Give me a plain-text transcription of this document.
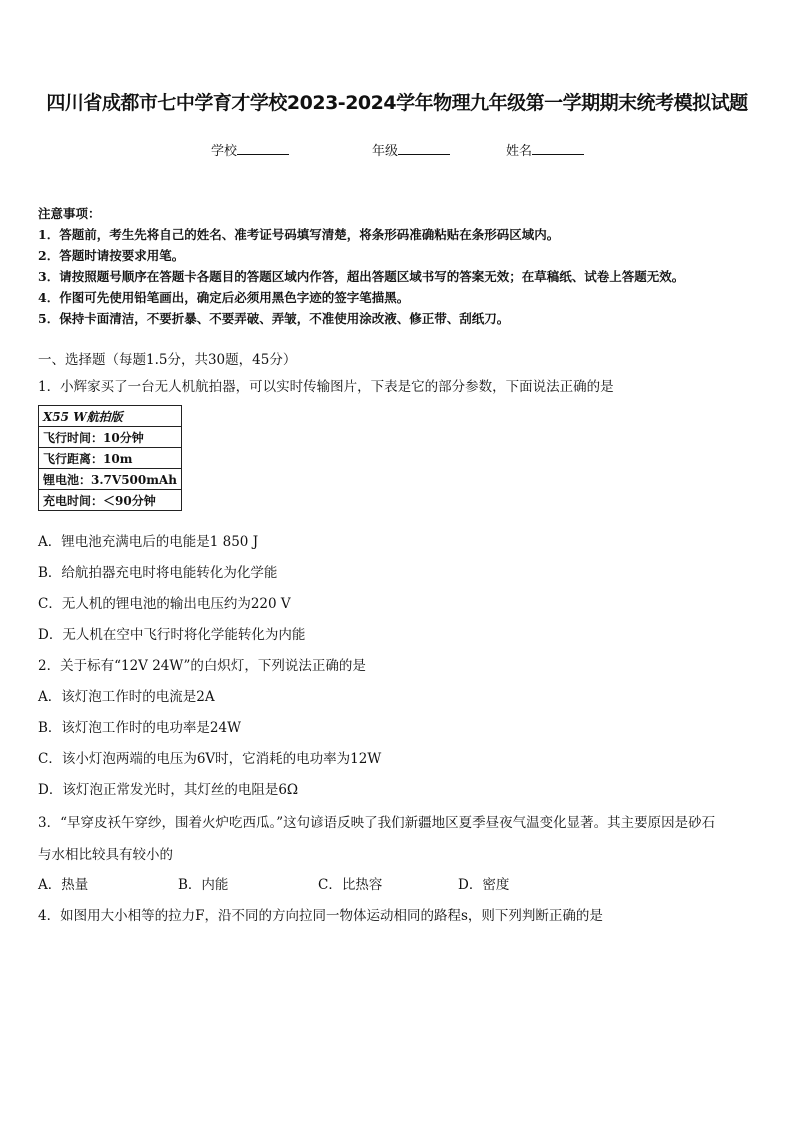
四川省成都市七中学育才学校2023-2024学年物理九年级第一学期期末统考模拟试题
学校	年级	姓名
注意事项：
1．答题前，考生先将自己的姓名、准考证号码填写清楚，将条形码准确粘贴在条形码区域内。
2．答题时请按要求用笔。
3．请按照题号顺序在答题卡各题目的答题区域内作答，超出答题区域书写的答案无效；在草稿纸、试卷上答题无效。
4．作图可先使用铅笔画出，确定后必须用黑色字迹的签字笔描黑。
5．保持卡面清洁，不要折暴、不要弄破、弄皱，不准使用涂改液、修正带、刮纸刀。
一、选择题（每题1.5分，共30题，45分）
1．小辉家买了一台无人机航拍器，可以实时传输图片，下表是它的部分参数，下面说法正确的是
X55 W航拍版
飞行时间：10分钟
飞行距离：10m
锂电池：3.7V500mAh
充电时间：＜90分钟
A．锂电池充满电后的电能是1 850 J
B．给航拍器充电时将电能转化为化学能
C．无人机的锂电池的输出电压约为220 V
D．无人机在空中飞行时将化学能转化为内能
2．关于标有“12V 24W”的白炽灯，下列说法正确的是
A．该灯泡工作时的电流是2A
B．该灯泡工作时的电功率是24W
C．该小灯泡两端的电压为6V时，它消耗的电功率为12W
D．该灯泡正常发光时，其灯丝的电阻是6Ω
3．“早穿皮袄午穿纱，围着火炉吃西瓜。”这句谚语反映了我们新疆地区夏季昼夜气温变化显著。其主要原因是砂石
与水相比较具有较小的
A．热量	B．内能	C．比热容	D．密度
4．如图用大小相等的拉力F，沿不同的方向拉同一物体运动相同的路程s，则下列判断正确的是
